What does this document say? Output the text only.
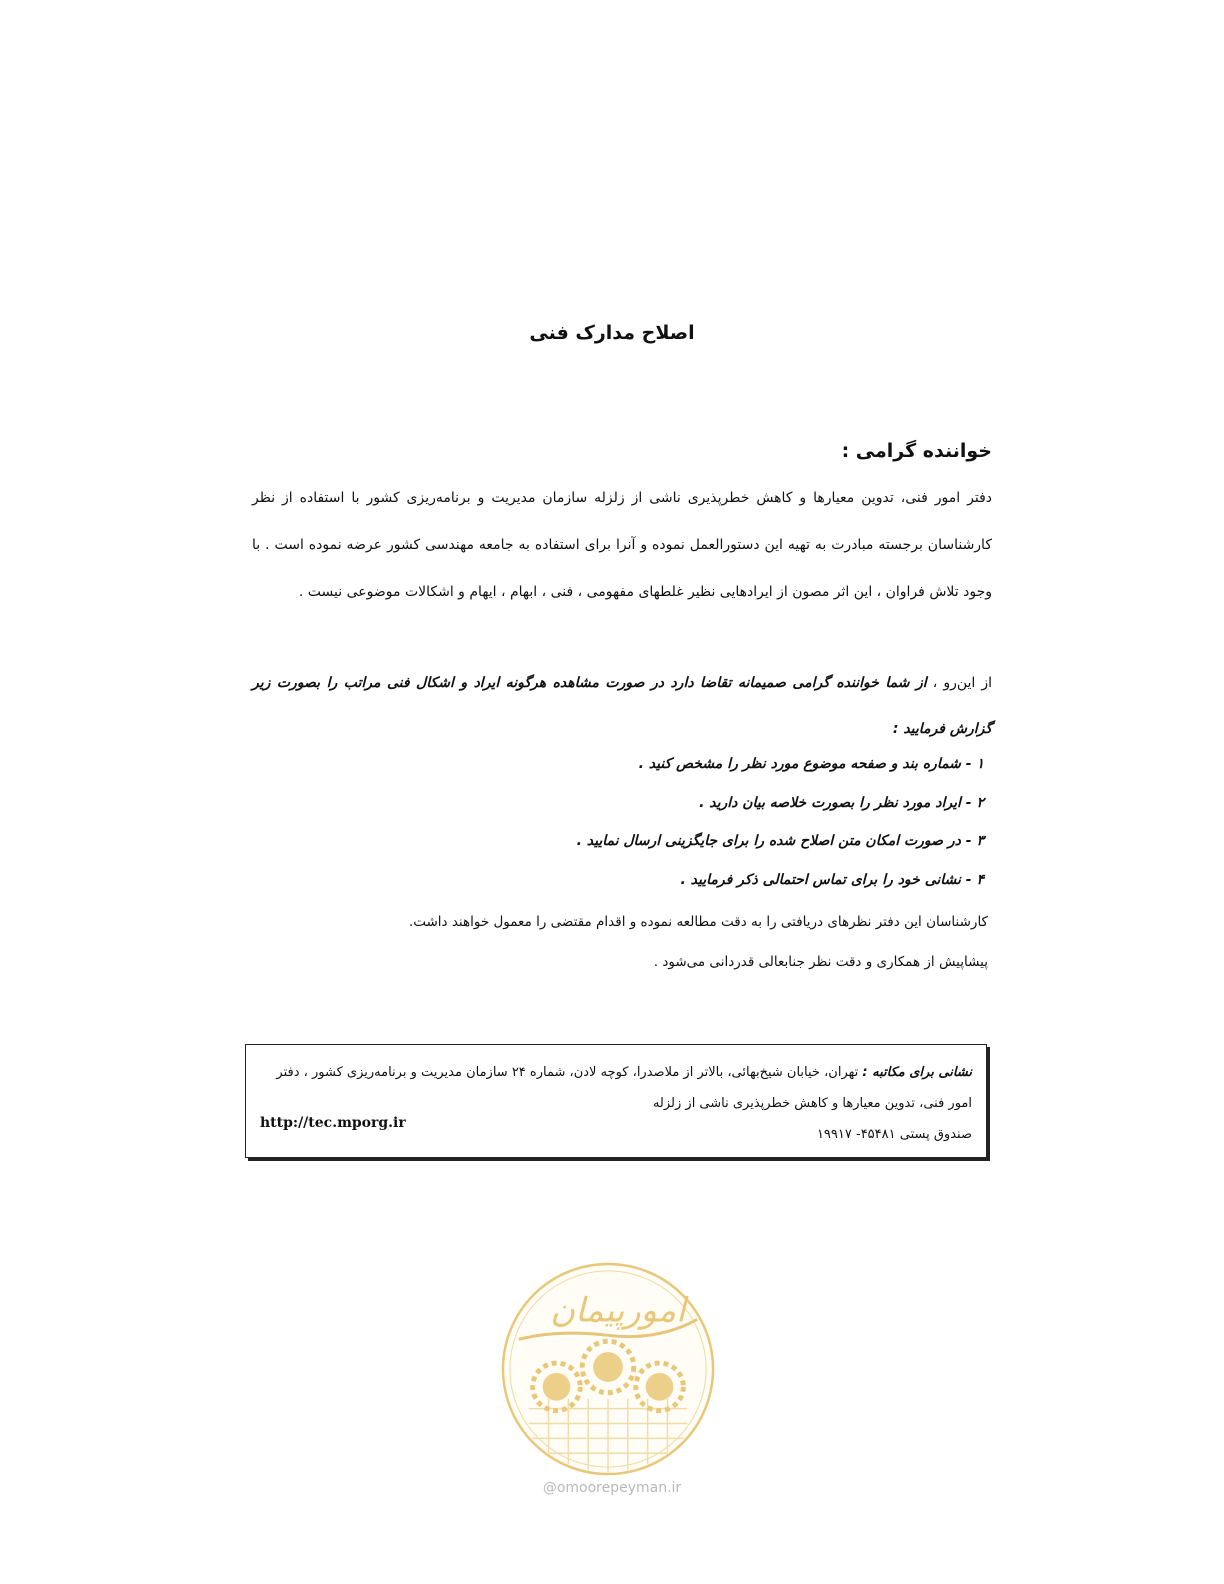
اصلاح مدارک فنی
خواننده گرامی :
دفتر امور فنی، تدوین معیارها و کاهش خطرپذیری ناشی از زلزله سازمان مدیریت و برنامه‌ریزی کشور با استفاده از نظر کارشناسان برجسته مبادرت به تهیه این دستورالعمل نموده و آنرا برای استفاده به جامعه مهندسی کشور عرضه نموده است . با وجود تلاش فراوان ، این اثر مصون از ایرادهایی نظیر غلطهای مفهومی ، فنی ، ابهام ، ایهام و اشکالات موضوعی نیست .
از این‌رو ، از شما خواننده گرامی صمیمانه تقاضا دارد در صورت مشاهده هرگونه ایراد و اشکال فنی مراتب را بصورت زیر گزارش فرمایید :
۱ - شماره بند و صفحه موضوع مورد نظر را مشخص کنید .
۲ - ایراد مورد نظر را بصورت خلاصه بیان دارید .
۳ - در صورت امکان متن اصلاح شده را برای جایگزینی ارسال نمایید .
۴ - نشانی خود را برای تماس احتمالی ذکر فرمایید .
کارشناسان این دفتر نظرهای دریافتی را به دقت مطالعه نموده و اقدام مقتضی را معمول خواهند داشت.
پیشاپیش از همکاری و دقت نظر جنابعالی قدردانی می‌شود .
نشانی برای مکاتبه : تهران، خیابان شیخ‌بهائی، بالاتر از ملاصدرا، کوچه لادن، شماره ۲۴ سازمان مدیریت و برنامه‌ریزی کشور ، دفتر امور فنی، تدوین معیارها و کاهش خطرپذیری ناشی از زلزله
صندوق پستی ۴۵۴۸۱- ۱۹۹۱۷
http://tec.mporg.ir
امورپیمان
@omoorepeyman.ir
